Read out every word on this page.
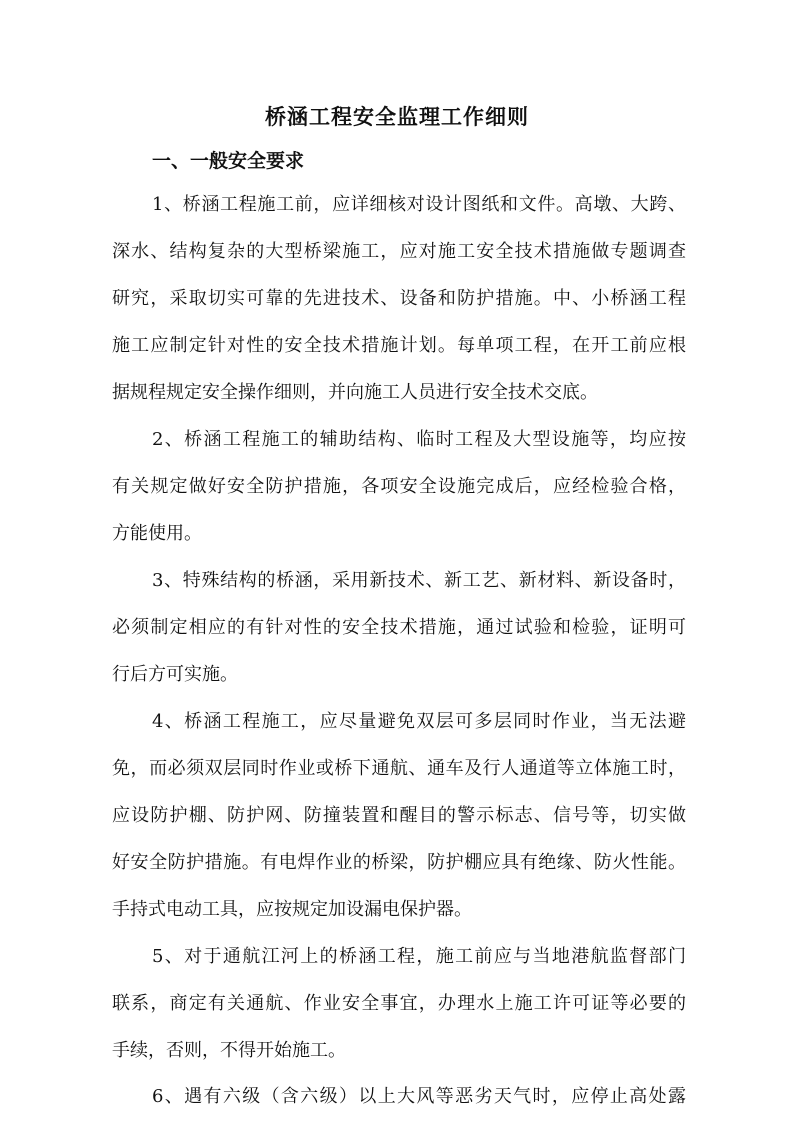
桥涵工程安全监理工作细则
一、一般安全要求
1、桥涵工程施工前，应详细核对设计图纸和文件。高墩、大跨、
深水、结构复杂的大型桥梁施工，应对施工安全技术措施做专题调查
研究，采取切实可靠的先进技术、设备和防护措施。中、小桥涵工程
施工应制定针对性的安全技术措施计划。每单项工程，在开工前应根
据规程规定安全操作细则，并向施工人员进行安全技术交底。
2、桥涵工程施工的辅助结构、临时工程及大型设施等，均应按
有关规定做好安全防护措施，各项安全设施完成后，应经检验合格，
方能使用。
3、特殊结构的桥涵，采用新技术、新工艺、新材料、新设备时，
必须制定相应的有针对性的安全技术措施，通过试验和检验，证明可
行后方可实施。
4、桥涵工程施工，应尽量避免双层可多层同时作业，当无法避
免，而必须双层同时作业或桥下通航、通车及行人通道等立体施工时，
应设防护棚、防护网、防撞装置和醒目的警示标志、信号等，切实做
好安全防护措施。有电焊作业的桥梁，防护棚应具有绝缘、防火性能。
手持式电动工具，应按规定加设漏电保护器。
5、对于通航江河上的桥涵工程，施工前应与当地港航监督部门
联系，商定有关通航、作业安全事宜，办理水上施工许可证等必要的
手续，否则，不得开始施工。
6、遇有六级（含六级）以上大风等恶劣天气时，应停止高处露
